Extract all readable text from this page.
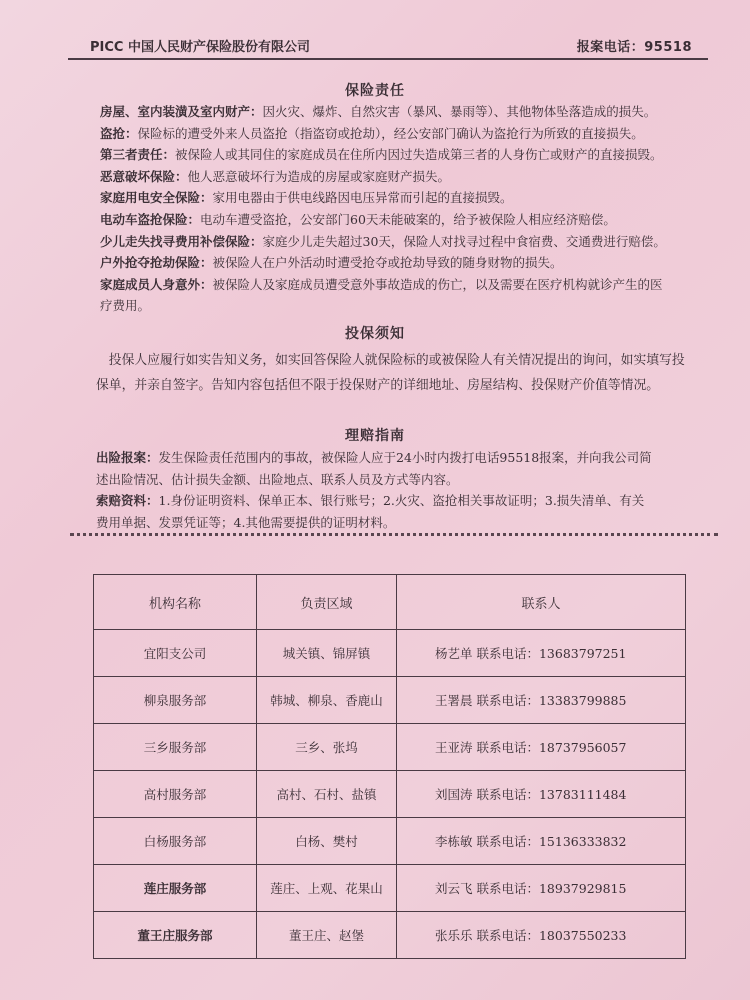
PICC 中国人民财产保险股份有限公司	报案电话：95518
保险责任
房屋、室内装潢及室内财产：因火灾、爆炸、自然灾害（暴风、暴雨等）、其他物体坠落造成的损失。
盗抢：保险标的遭受外来人员盗抢（指盗窃或抢劫），经公安部门确认为盗抢行为所致的直接损失。
第三者责任：被保险人或其同住的家庭成员在住所内因过失造成第三者的人身伤亡或财产的直接损毁。
恶意破坏保险：他人恶意破坏行为造成的房屋或家庭财产损失。
家庭用电安全保险：家用电器由于供电线路因电压异常而引起的直接损毁。
电动车盗抢保险：电动车遭受盗抢，公安部门60天未能破案的，给予被保险人相应经济赔偿。
少儿走失找寻费用补偿保险：家庭少儿走失超过30天，保险人对找寻过程中食宿费、交通费进行赔偿。
户外抢夺抢劫保险：被保险人在户外活动时遭受抢夺或抢劫导致的随身财物的损失。
家庭成员人身意外：被保险人及家庭成员遭受意外事故造成的伤亡，以及需要在医疗机构就诊产生的医
疗费用。
投保须知
　投保人应履行如实告知义务，如实回答保险人就保险标的或被保险人有关情况提出的询问，如实填写投
保单，并亲自签字。告知内容包括但不限于投保财产的详细地址、房屋结构、投保财产价值等情况。
理赔指南
出险报案：发生保险责任范围内的事故，被保险人应于24小时内拨打电话95518报案，并向我公司简
述出险情况、估计损失金额、出险地点、联系人员及方式等内容。
索赔资料：1.身份证明资料、保单正本、银行账号；2.火灾、盗抢相关事故证明；3.损失清单、有关
费用单据、发票凭证等；4.其他需要提供的证明材料。
机构名称	负责区域	联系人
宜阳支公司	城关镇、锦屏镇	杨艺单 联系电话：13683797251
柳泉服务部	韩城、柳泉、香鹿山	王署晨 联系电话：13383799885
三乡服务部	三乡、张坞	王亚涛 联系电话：18737956057
高村服务部	高村、石村、盐镇	刘国涛 联系电话：13783111484
白杨服务部	白杨、樊村	李栋敏 联系电话：15136333832
莲庄服务部	莲庄、上观、花果山	刘云飞 联系电话：18937929815
董王庄服务部	董王庄、赵堡	张乐乐 联系电话：18037550233
